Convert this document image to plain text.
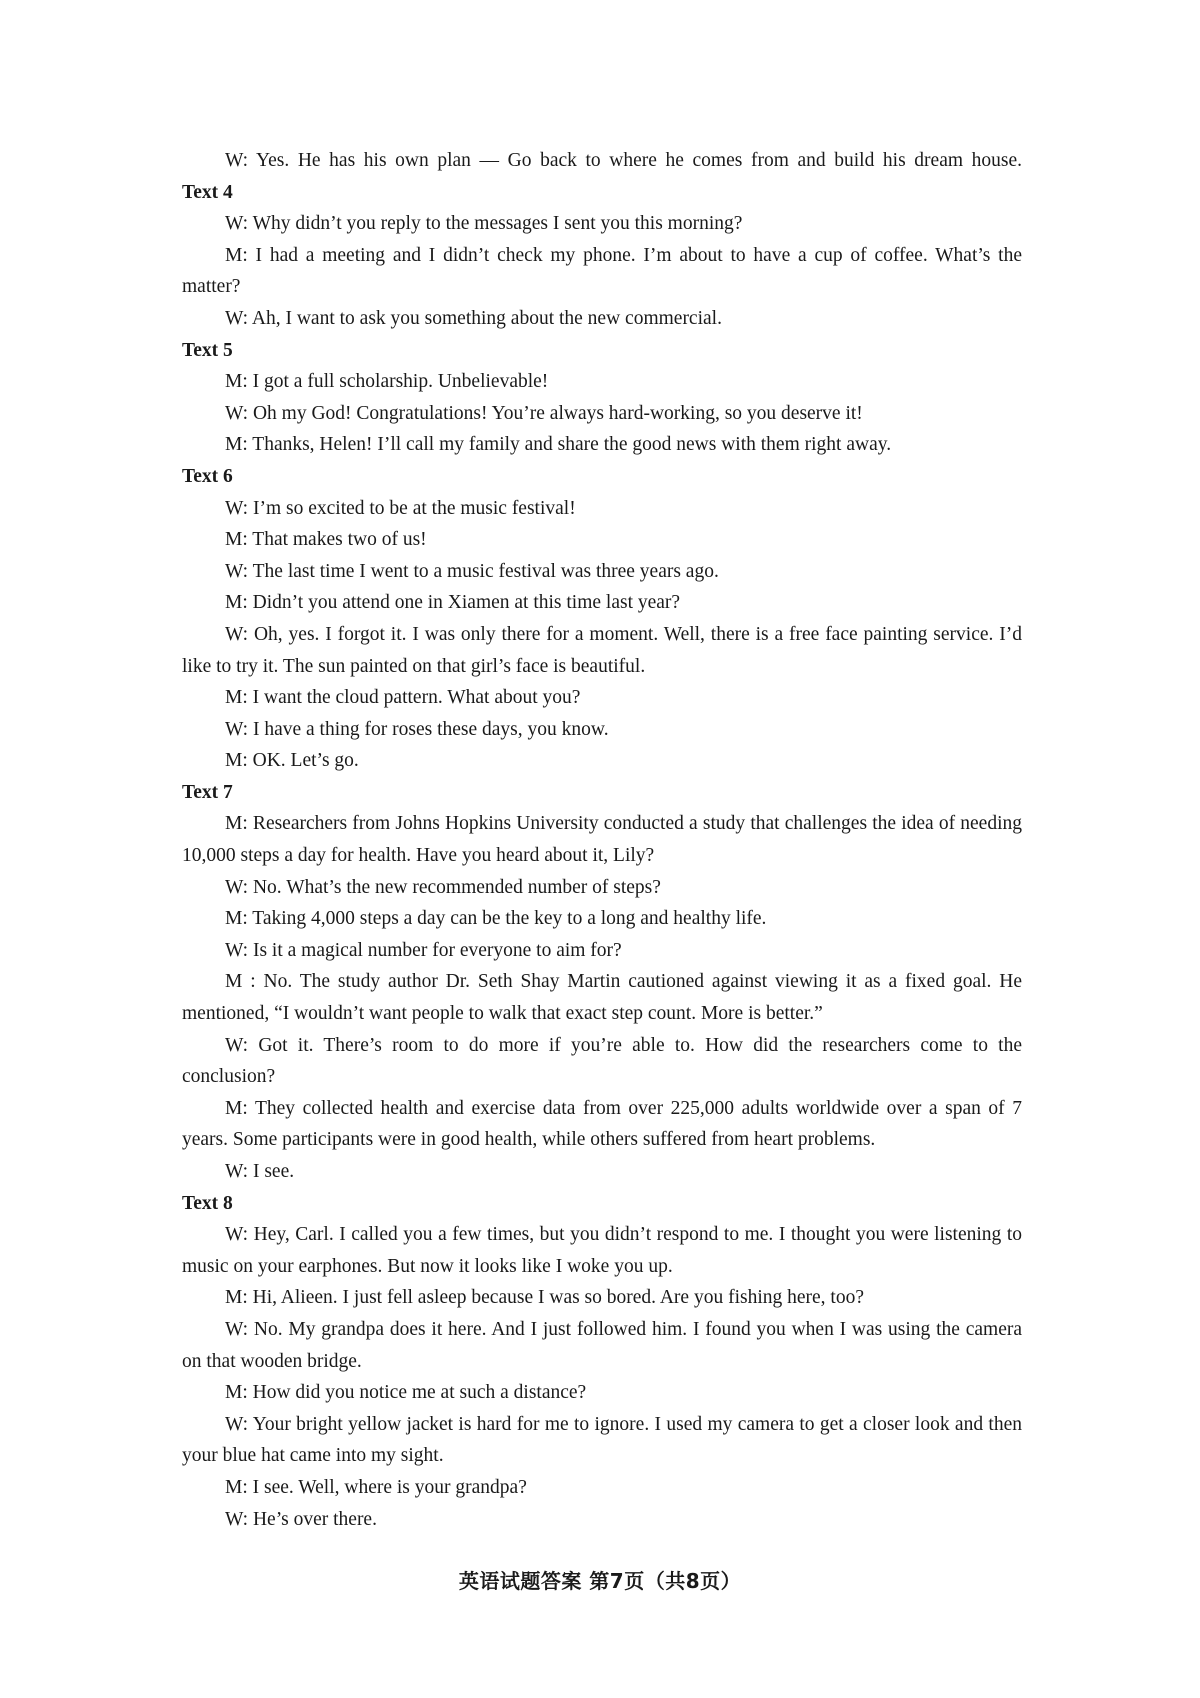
W: Yes. He has his own plan — Go back to where he comes from and build his dream house.

Text 4

W: Why didn’t you reply to the messages I sent you this morning?

M: I had a meeting and I didn’t check my phone. I’m about to have a cup of coffee. What’s the matter?

W: Ah, I want to ask you something about the new commercial.

Text 5

M: I got a full scholarship. Unbelievable!

W: Oh my God! Congratulations! You’re always hard-working, so you deserve it!

M: Thanks, Helen! I’ll call my family and share the good news with them right away.

Text 6

W: I’m so excited to be at the music festival!

M: That makes two of us!

W: The last time I went to a music festival was three years ago.

M: Didn’t you attend one in Xiamen at this time last year?

W: Oh, yes. I forgot it. I was only there for a moment. Well, there is a free face painting service. I’d like to try it. The sun painted on that girl’s face is beautiful.

M: I want the cloud pattern. What about you?

W: I have a thing for roses these days, you know.

M: OK. Let’s go.

Text 7

M: Researchers from Johns Hopkins University conducted a study that challenges the idea of needing 10,000 steps a day for health. Have you heard about it, Lily?

W: No. What’s the new recommended number of steps?

M: Taking 4,000 steps a day can be the key to a long and healthy life.

W: Is it a magical number for everyone to aim for?

M : No. The study author Dr. Seth Shay Martin cautioned against viewing it as a fixed goal. He mentioned, “I wouldn’t want people to walk that exact step count. More is better.”

W: Got it. There’s room to do more if you’re able to. How did the researchers come to the conclusion?

M: They collected health and exercise data from over 225,000 adults worldwide over a span of 7 years. Some participants were in good health, while others suffered from heart problems.

W: I see.

Text 8

W: Hey, Carl. I called you a few times, but you didn’t respond to me. I thought you were listening to music on your earphones. But now it looks like I woke you up.

M: Hi, Alieen. I just fell asleep because I was so bored. Are you fishing here, too?

W: No. My grandpa does it here. And I just followed him. I found you when I was using the camera on that wooden bridge.

M: How did you notice me at such a distance?

W: Your bright yellow jacket is hard for me to ignore. I used my camera to get a closer look and then your blue hat came into my sight.

M: I see. Well, where is your grandpa?

W: He’s over there.

英语试题答案 第7页（共8页）
